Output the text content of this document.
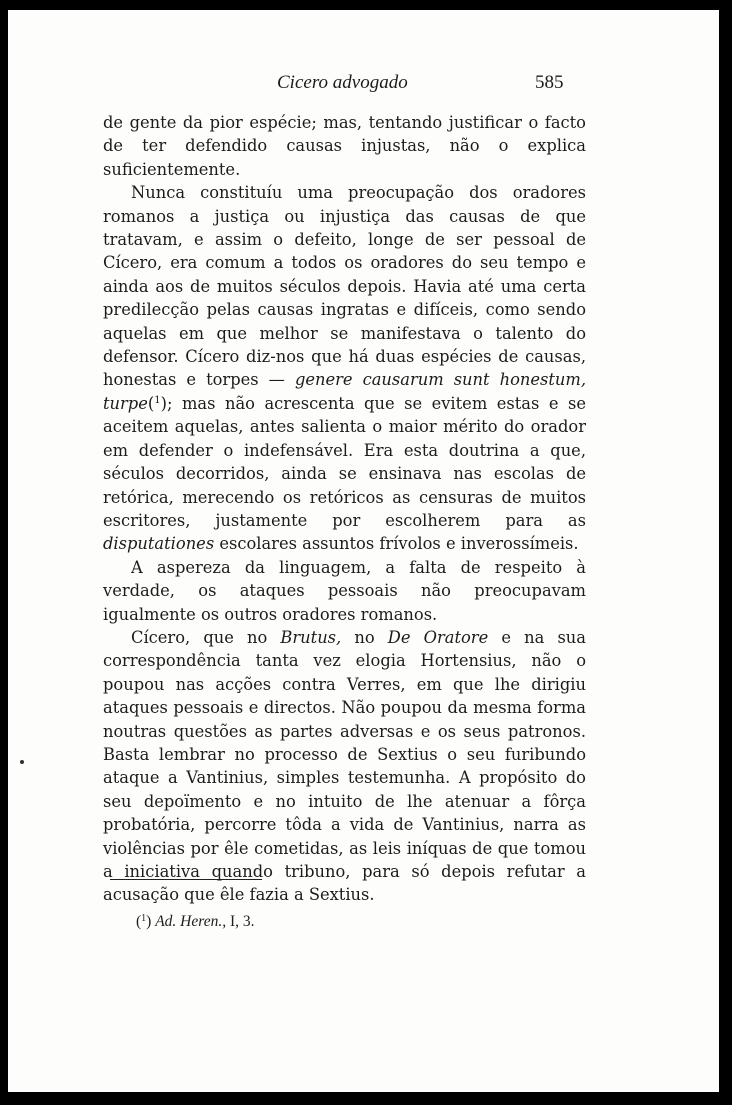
Cicero advogado	585

de gente da pior espécie; mas, tentando justificar o facto de ter defendido causas injustas, não o explica suficientemente.

Nunca constituíu uma preocupação dos oradores romanos a justiça ou injustiça das causas de que tratavam, e assim o defeito, longe de ser pessoal de Cícero, era comum a todos os oradores do seu tempo e ainda aos de muitos séculos depois. Havia até uma certa predilecção pelas causas ingratas e difíceis, como sendo aquelas em que melhor se manifestava o talento do defensor. Cícero diz-nos que há duas espécies de causas, honestas e torpes — genere causarum sunt honestum, turpe($^1$); mas não acrescenta que se evitem estas e se aceitem aquelas, antes salienta o maior mérito do orador em defender o indefensável. Era esta doutrina a que, séculos decorridos, ainda se ensinava nas escolas de retórica, merecendo os retóricos as censuras de muitos escritores, justamente por escolherem para as disputationes escolares assuntos frívolos e inverossímeis.

A aspereza da linguagem, a falta de respeito à verdade, os ataques pessoais não preocupavam igualmente os outros oradores romanos.

Cícero, que no Brutus, no De Oratore e na sua correspondência tanta vez elogia Hortensius, não o poupou nas acções contra Verres, em que lhe dirigiu ataques pessoais e directos. Não poupou da mesma forma noutras questões as partes adversas e os seus patronos. Basta lembrar no processo de Sextius o seu furibundo ataque a Vantinius, simples testemunha. A propósito do seu depoïmento e no intuito de lhe atenuar a fôrça probatória, percorre tôda a vida de Vantinius, narra as violências por êle cometidas, as leis iníquas de que tomou a iniciativa quando tribuno, para só depois refutar a acusação que êle fazia a Sextius.

($^1$) Ad. Heren., I, 3.
